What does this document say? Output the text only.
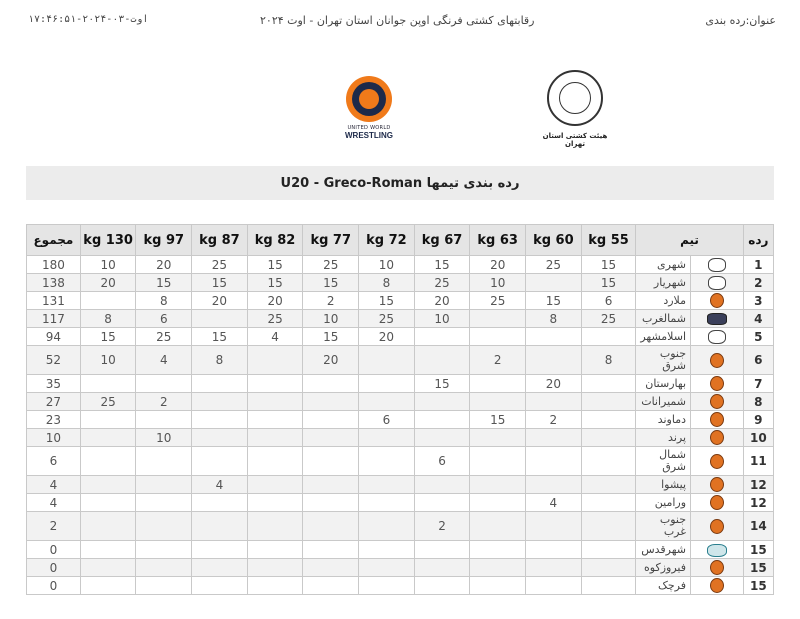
عنوان:رده بندی
رقابتهای کشتی فرنگی اوپن جوانان استان تهران - اوت ۲۰۲۴
اوت-۰۳-۲۰۲۴-۱۷:۴۶:۵۱
UNITED WORLD
WRESTLING	هیئت کشتی استان تهران
رده بندی تیمها U20 - Greco-Roman
رده	تیم		55 kg	60 kg	63 kg	67 kg	72 kg	77 kg	82 kg	87 kg	97 kg	130 kg	مجموع
1		شهری	15	25	20	15	10	25	15	25	20	10	180
2		شهریار	15		10	25	8	15	15	15	15	20	138
3		ملارد	6	15	25	20	15	2	20	20	8		131
4		شمالغرب	25	8		10	25	10	25		6	8	117
5		اسلامشهر					20	15	4	15	25	15	94
6		جنوب شرق	8		2			20		8	4	10	52
7		بهارستان		20		15							35
8		شمیرانات									2	25	27
9		دماوند		2	15		6						23
10		پرند									10		10
11		شمال شرق				6							6
12		پیشوا								4			4
12		ورامین		4									4
14		جنوب غرب				2							2
15		شهرقدس											0
15		فیروزکوه											0
15		فرچک											0
